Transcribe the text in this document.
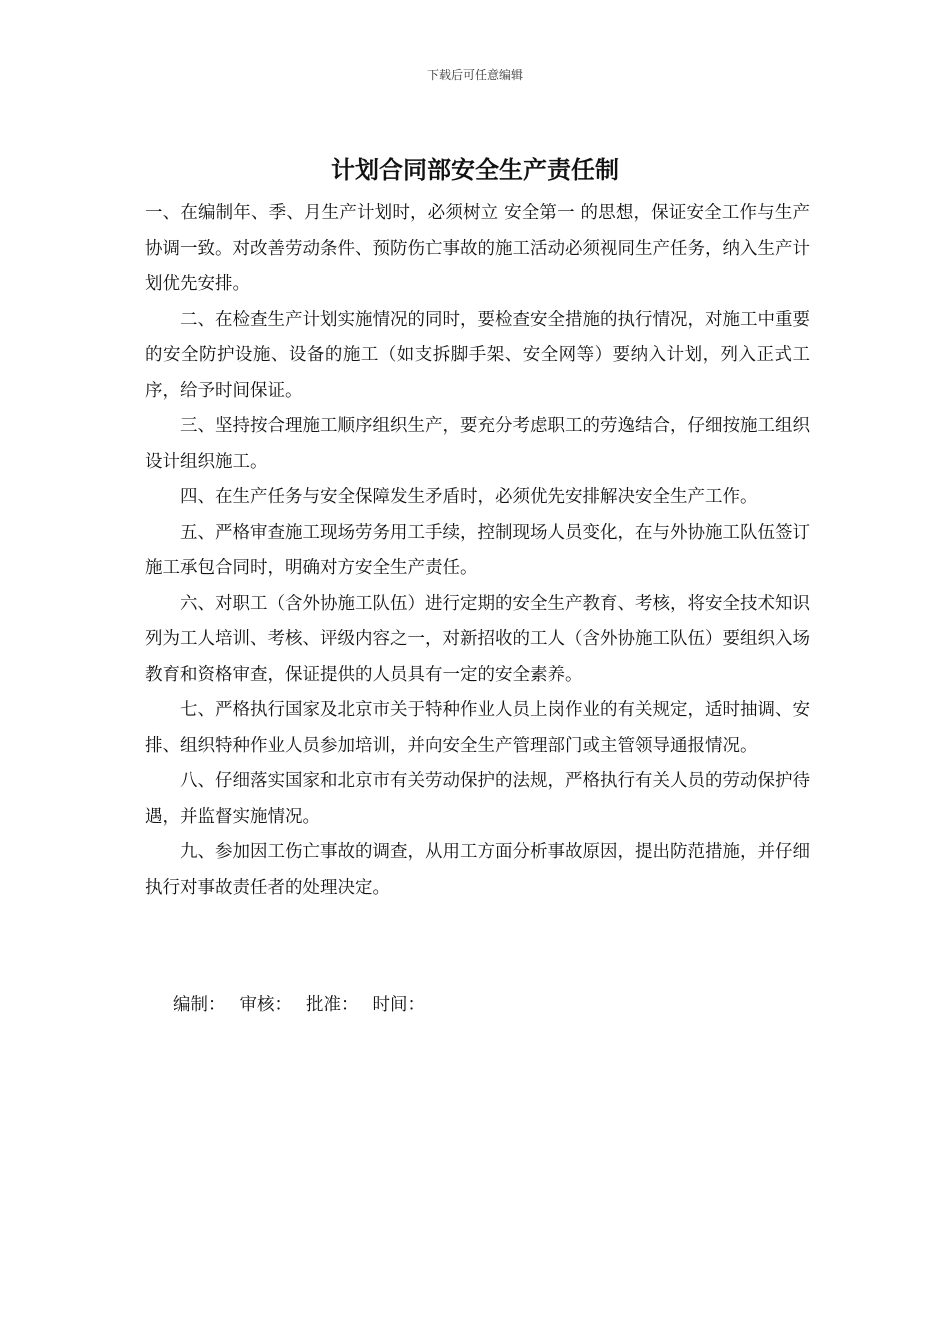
下载后可任意编辑
计划合同部安全生产责任制

一、在编制年、季、月生产计划时，必须树立 安全第一 的思想，保证安全工作与生产协调一致。对改善劳动条件、预防伤亡事故的施工活动必须视同生产任务，纳入生产计划优先安排。

二、在检查生产计划实施情况的同时，要检查安全措施的执行情况，对施工中重要的安全防护设施、设备的施工（如支拆脚手架、安全网等）要纳入计划，列入正式工序，给予时间保证。

三、坚持按合理施工顺序组织生产，要充分考虑职工的劳逸结合，仔细按施工组织设计组织施工。

四、在生产任务与安全保障发生矛盾时，必须优先安排解决安全生产工作。

五、严格审查施工现场劳务用工手续，控制现场人员变化，在与外协施工队伍签订施工承包合同时，明确对方安全生产责任。

六、对职工（含外协施工队伍）进行定期的安全生产教育、考核，将安全技术知识列为工人培训、考核、评级内容之一，对新招收的工人（含外协施工队伍）要组织入场教育和资格审查，保证提供的人员具有一定的安全素养。

七、严格执行国家及北京市关于特种作业人员上岗作业的有关规定，适时抽调、安排、组织特种作业人员参加培训，并向安全生产管理部门或主管领导通报情况。

八、仔细落实国家和北京市有关劳动保护的法规，严格执行有关人员的劳动保护待遇，并监督实施情况。

九、参加因工伤亡事故的调查，从用工方面分析事故原因，提出防范措施，并仔细执行对事故责任者的处理决定。

编制： 审核： 批准： 时间：
